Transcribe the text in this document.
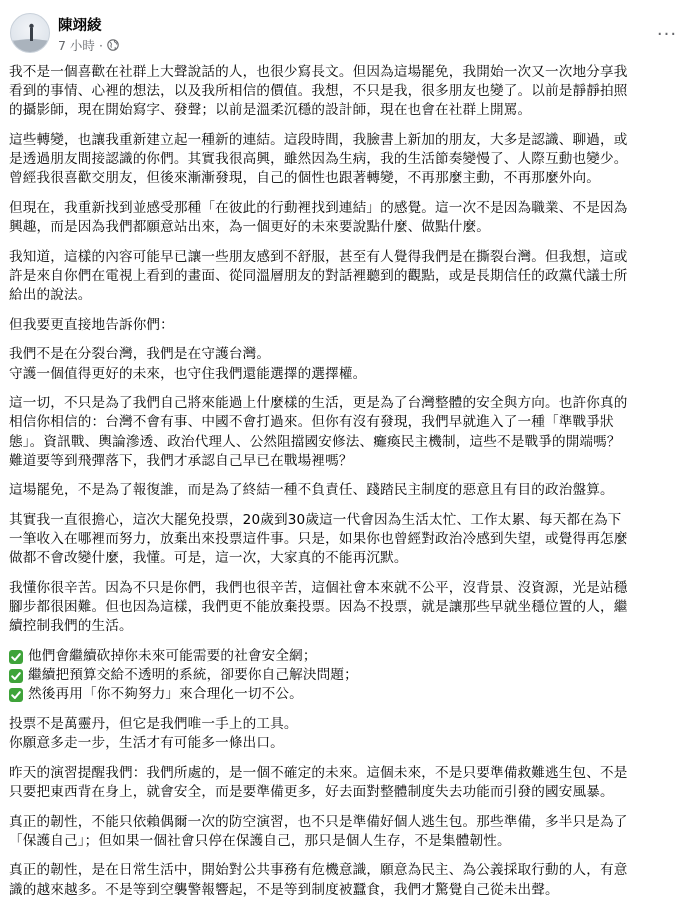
陳翊綾
7 小時 ·
···
我不是一個喜歡在社群上大聲說話的人，也很少寫長文。但因為這場罷免，我開始一次又一次地分享我
看到的事情、心裡的想法，以及我所相信的價值。我想，不只是我，很多朋友也變了。以前是靜靜拍照
的攝影師，現在開始寫字、發聲；以前是溫柔沉穩的設計師，現在也會在社群上開罵。
這些轉變，也讓我重新建立起一種新的連結。這段時間，我臉書上新加的朋友，大多是認識、聊過，或
是透過朋友間接認識的你們。其實我很高興，雖然因為生病，我的生活節奏變慢了、人際互動也變少。
曾經我很喜歡交朋友，但後來漸漸發現，自己的個性也跟著轉變，不再那麼主動，不再那麼外向。
但現在，我重新找到並感受那種「在彼此的行動裡找到連結」的感覺。這一次不是因為職業、不是因為
興趣，而是因為我們都願意站出來，為一個更好的未來要說點什麼、做點什麼。
我知道，這樣的內容可能早已讓一些朋友感到不舒服，甚至有人覺得我們是在撕裂台灣。但我想，這或
許是來自你們在電視上看到的畫面、從同溫層朋友的對話裡聽到的觀點，或是長期信任的政黨代議士所
給出的說法。
但我要更直接地告訴你們：
我們不是在分裂台灣，我們是在守護台灣。
守護一個值得更好的未來，也守住我們還能選擇的選擇權。
這一切，不只是為了我們自己將來能過上什麼樣的生活，更是為了台灣整體的安全與方向。也許你真的
相信你相信的：台灣不會有事、中國不會打過來。但你有沒有發現，我們早就進入了一種「準戰爭狀
態」。資訊戰、輿論滲透、政治代理人、公然阻擋國安修法、癱瘓民主機制，這些不是戰爭的開端嗎？
難道要等到飛彈落下，我們才承認自己早已在戰場裡嗎？
這場罷免，不是為了報復誰，而是為了終結一種不負責任、踐踏民主制度的惡意且有目的政治盤算。
其實我一直很擔心，這次大罷免投票，20歲到30歲這一代會因為生活太忙、工作太累、每天都在為下
一筆收入在哪裡而努力，放棄出來投票這件事。只是，如果你也曾經對政治冷感到失望，或覺得再怎麼
做都不會改變什麼，我懂。可是，這一次，大家真的不能再沉默。
我懂你很辛苦。因為不只是你們，我們也很辛苦，這個社會本來就不公平，沒背景、沒資源，光是站穩
腳步都很困難。但也因為這樣，我們更不能放棄投票。因為不投票，就是讓那些早就坐穩位置的人，繼
續控制我們的生活。
他們會繼續砍掉你未來可能需要的社會安全網；
繼續把預算交給不透明的系統，卻要你自己解決問題；
然後再用「你不夠努力」來合理化一切不公。
投票不是萬靈丹，但它是我們唯一手上的工具。
你願意多走一步，生活才有可能多一條出口。
昨天的演習提醒我們：我們所處的，是一個不確定的未來。這個未來，不是只要準備救難逃生包、不是
只要把東西背在身上，就會安全，而是要準備更多，好去面對整體制度失去功能而引發的國安風暴。
真正的韌性，不能只依賴偶爾一次的防空演習，也不只是準備好個人逃生包。那些準備，多半只是為了
「保護自己」；但如果一個社會只停在保護自己，那只是個人生存，不是集體韌性。
真正的韌性，是在日常生活中，開始對公共事務有危機意識，願意為民主、為公義採取行動的人，有意
識的越來越多。不是等到空襲警報響起，不是等到制度被蠶食，我們才驚覺自己從未出聲。
